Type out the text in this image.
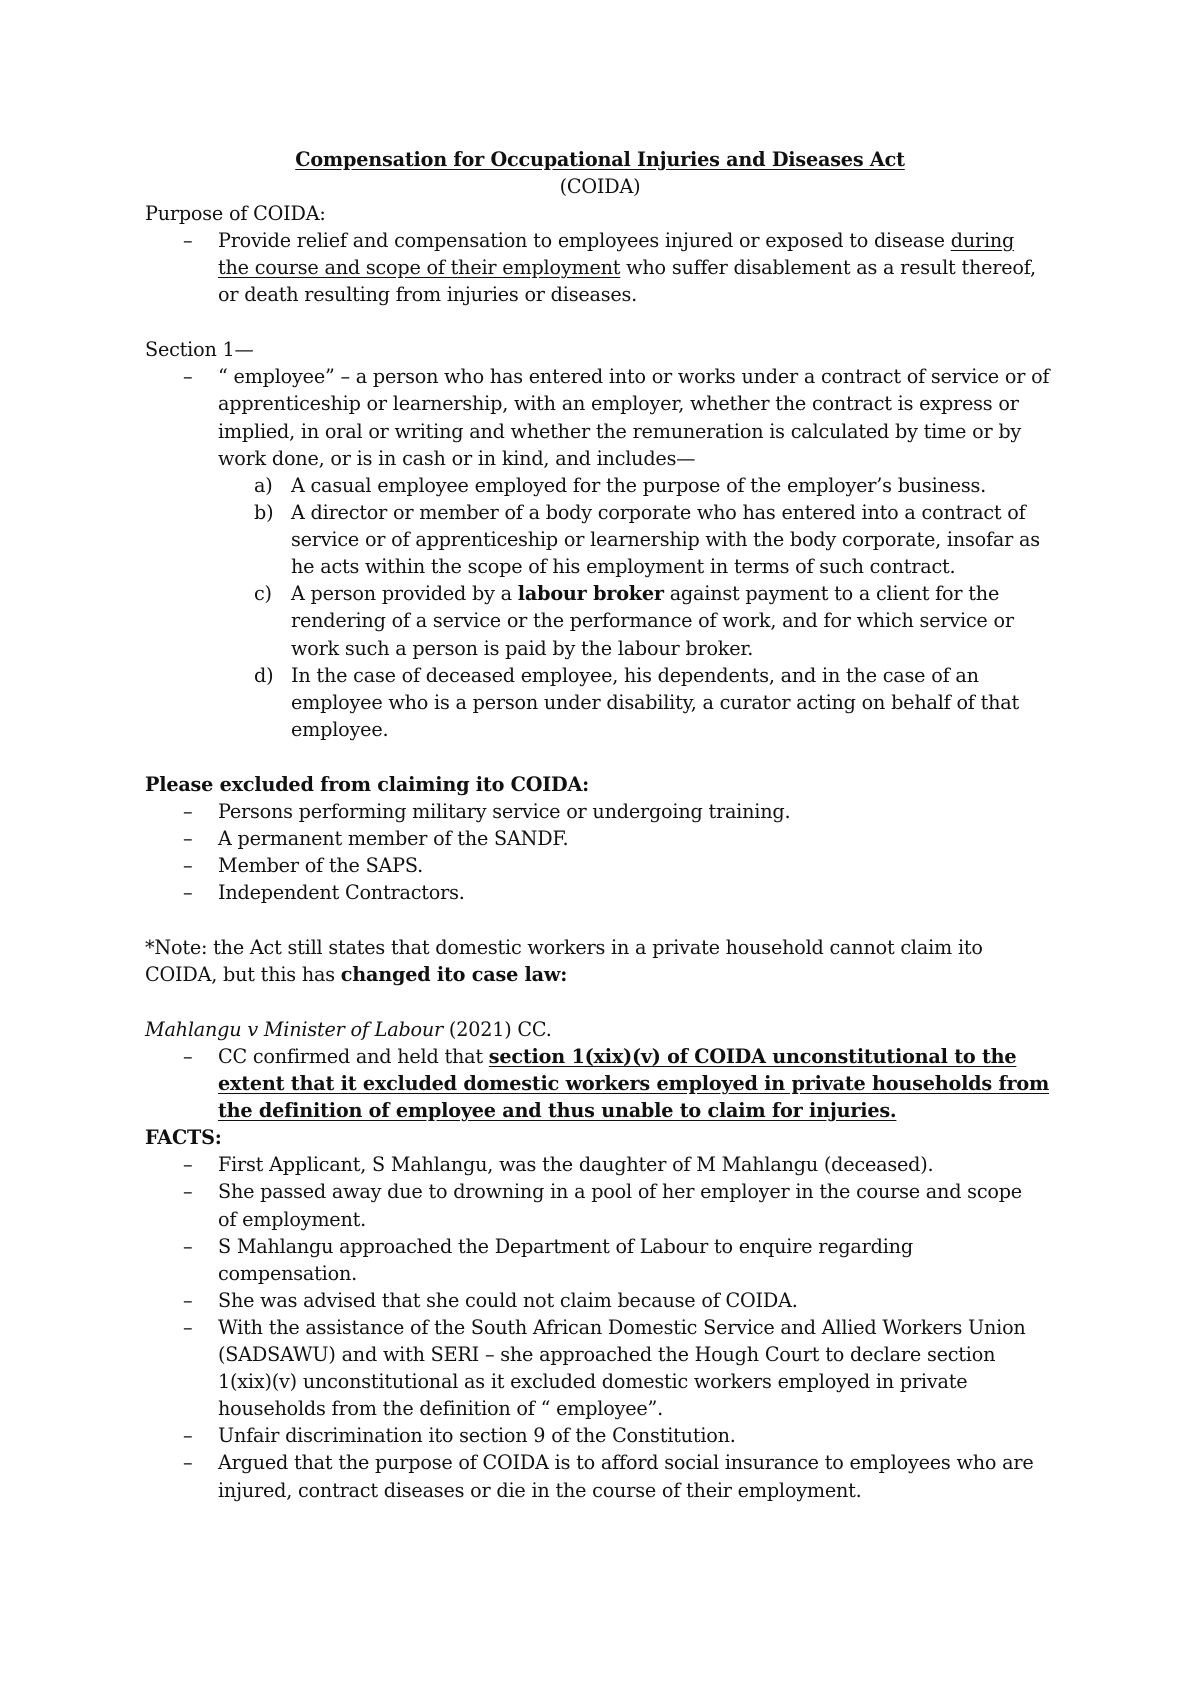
Compensation for Occupational Injuries and Diseases Act
(COIDA)
Purpose of COIDA:
– Provide relief and compensation to employees injured or exposed to disease during
the course and scope of their employment who suffer disablement as a result thereof,
or death resulting from injuries or diseases.
Section 1—
– “ employee” – a person who has entered into or works under a contract of service or of
apprenticeship or learnership, with an employer, whether the contract is express or
implied, in oral or writing and whether the remuneration is calculated by time or by
work done, or is in cash or in kind, and includes—
a) A casual employee employed for the purpose of the employer’s business.
b) A director or member of a body corporate who has entered into a contract of
service or of apprenticeship or learnership with the body corporate, insofar as
he acts within the scope of his employment in terms of such contract.
c) A person provided by a labour broker against payment to a client for the
rendering of a service or the performance of work, and for which service or
work such a person is paid by the labour broker.
d) In the case of deceased employee, his dependents, and in the case of an
employee who is a person under disability, a curator acting on behalf of that
employee.
Please excluded from claiming ito COIDA:
– Persons performing military service or undergoing training.
– A permanent member of the SANDF.
– Member of the SAPS.
– Independent Contractors.
*Note: the Act still states that domestic workers in a private household cannot claim ito
COIDA, but this has changed ito case law:
Mahlangu v Minister of Labour (2021) CC.
– CC confirmed and held that section 1(xix)(v) of COIDA unconstitutional to the
extent that it excluded domestic workers employed in private households from
the definition of employee and thus unable to claim for injuries.
FACTS:
– First Applicant, S Mahlangu, was the daughter of M Mahlangu (deceased).
– She passed away due to drowning in a pool of her employer in the course and scope
of employment.
– S Mahlangu approached the Department of Labour to enquire regarding
compensation.
– She was advised that she could not claim because of COIDA.
– With the assistance of the South African Domestic Service and Allied Workers Union
(SADSAWU) and with SERI – she approached the Hough Court to declare section
1(xix)(v) unconstitutional as it excluded domestic workers employed in private
households from the definition of “ employee”.
– Unfair discrimination ito section 9 of the Constitution.
– Argued that the purpose of COIDA is to afford social insurance to employees who are
injured, contract diseases or die in the course of their employment.
